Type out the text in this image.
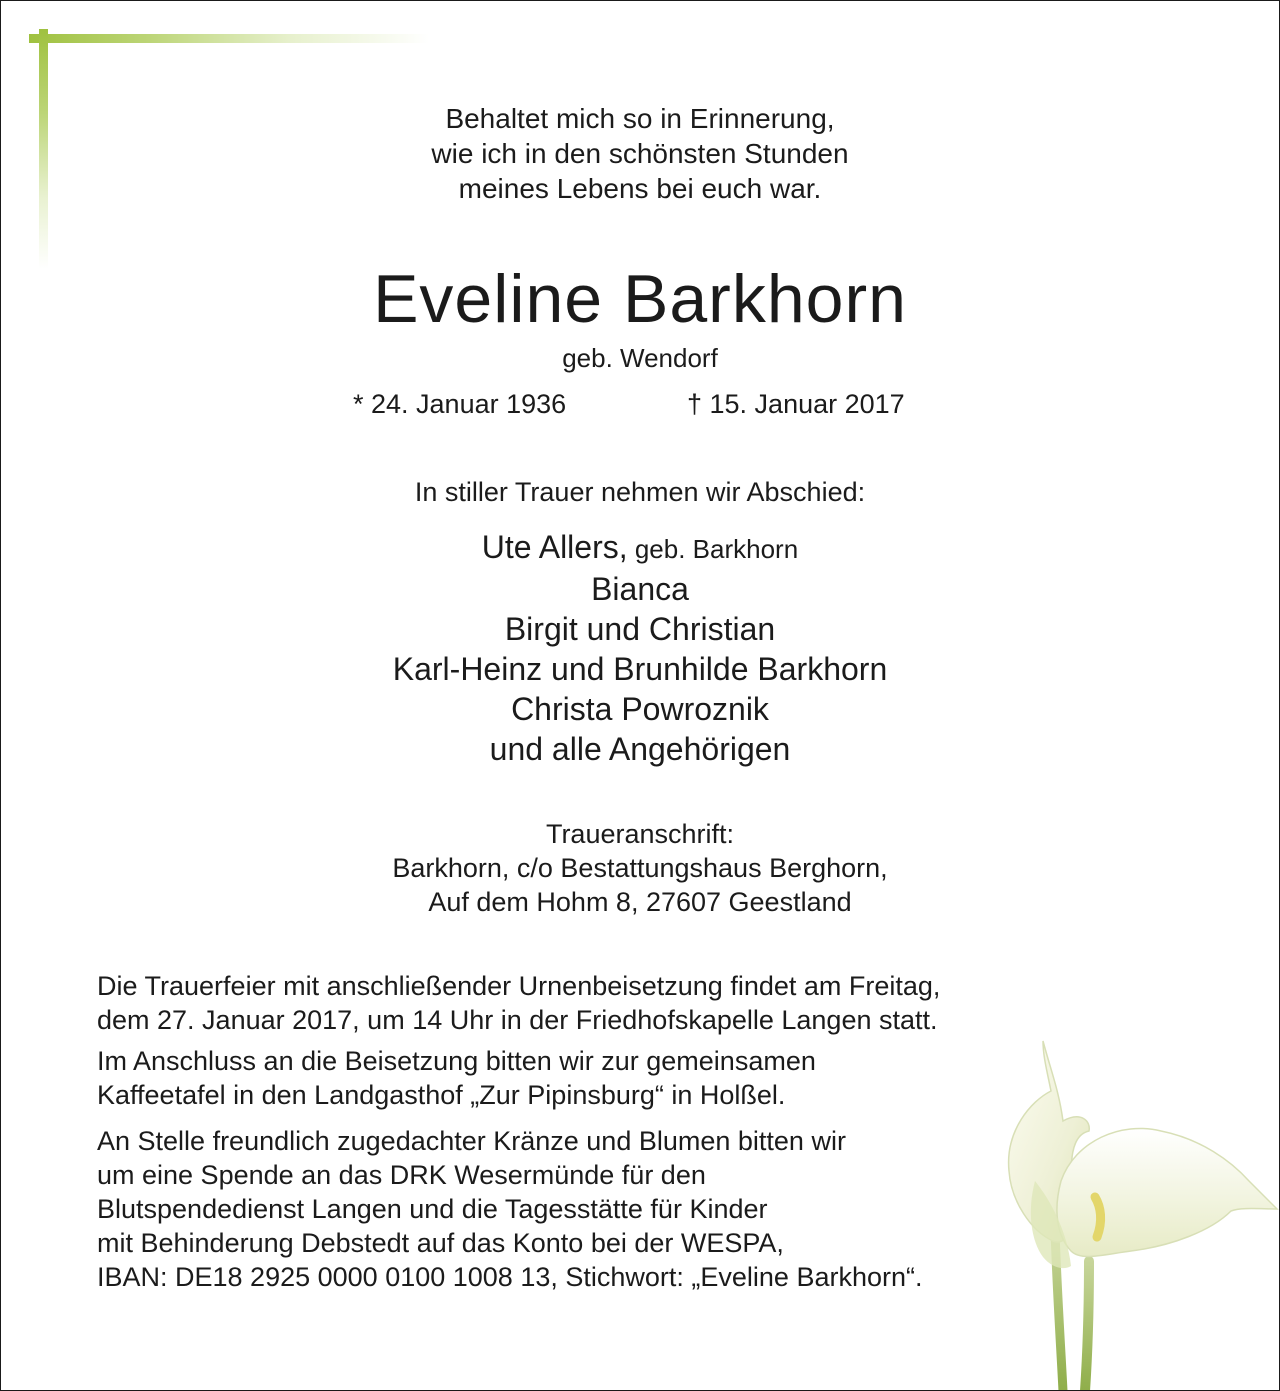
Behaltet mich so in Erinnerung,
wie ich in den schönsten Stunden
meines Lebens bei euch war.
Eveline Barkhorn
geb. Wendorf
* 24. Januar 1936	† 15. Januar 2017
In stiller Trauer nehmen wir Abschied:
Ute Allers, geb. Barkhorn
Bianca
Birgit und Christian
Karl-Heinz und Brunhilde Barkhorn
Christa Powroznik
und alle Angehörigen
Traueranschrift:
Barkhorn, c/o Bestattungshaus Berghorn,
Auf dem Hohm 8, 27607 Geestland
Die Trauerfeier mit anschließender Urnenbeisetzung findet am Freitag,
dem 27. Januar 2017, um 14 Uhr in der Friedhofskapelle Langen statt.
Im Anschluss an die Beisetzung bitten wir zur gemeinsamen
Kaffeetafel in den Landgasthof „Zur Pipinsburg“ in Holßel.
An Stelle freundlich zugedachter Kränze und Blumen bitten wir
um eine Spende an das DRK Wesermünde für den
Blutspendedienst Langen und die Tagesstätte für Kinder
mit Behinderung Debstedt auf das Konto bei der WESPA,
IBAN: DE18 2925 0000 0100 1008 13, Stichwort: „Eveline Barkhorn“.
